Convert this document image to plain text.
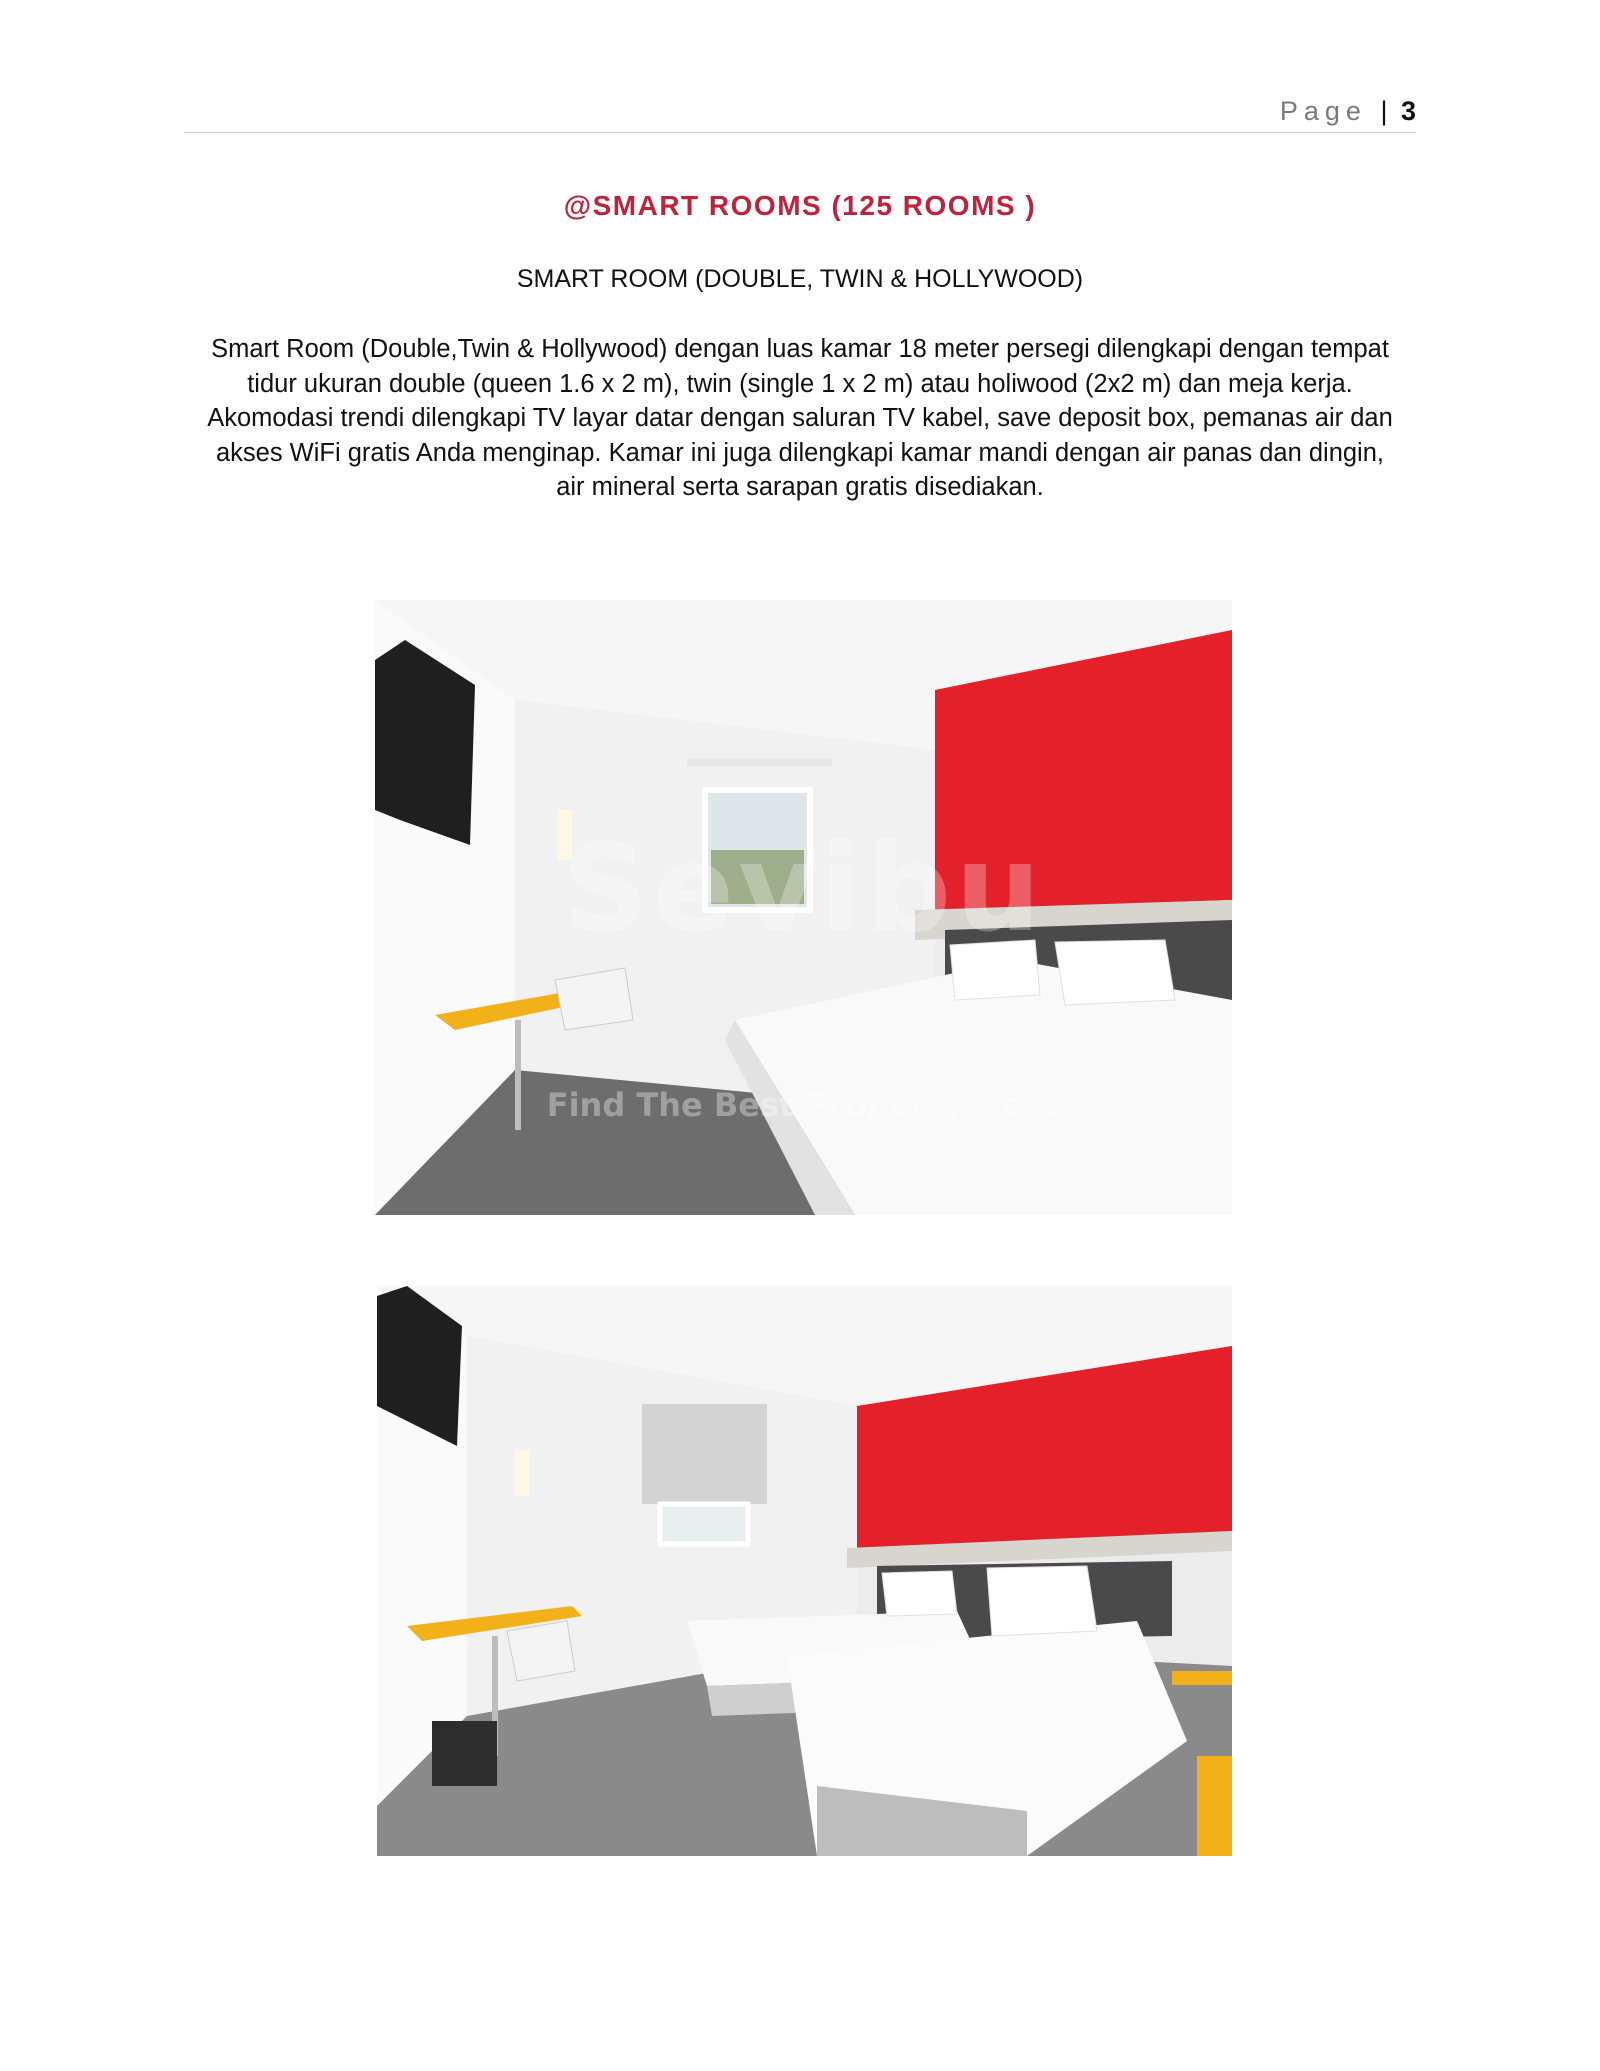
Page | 3
@SMART ROOMS (125 ROOMS )
SMART ROOM (DOUBLE, TWIN & HOLLYWOOD)
Smart Room (Double,Twin & Hollywood) dengan luas kamar 18 meter persegi dilengkapi dengan tempat
tidur ukuran double (queen 1.6 x 2 m), twin (single 1 x 2 m) atau holiwood (2x2 m) dan meja kerja.
Akomodasi trendi dilengkapi TV layar datar dengan saluran TV kabel, save deposit box, pemanas air dan
akses WiFi gratis Anda menginap. Kamar ini juga dilengkapi kamar mandi dengan air panas dan dingin,
air mineral serta sarapan gratis disediakan.
Sevibu
Find The Best Property Here
